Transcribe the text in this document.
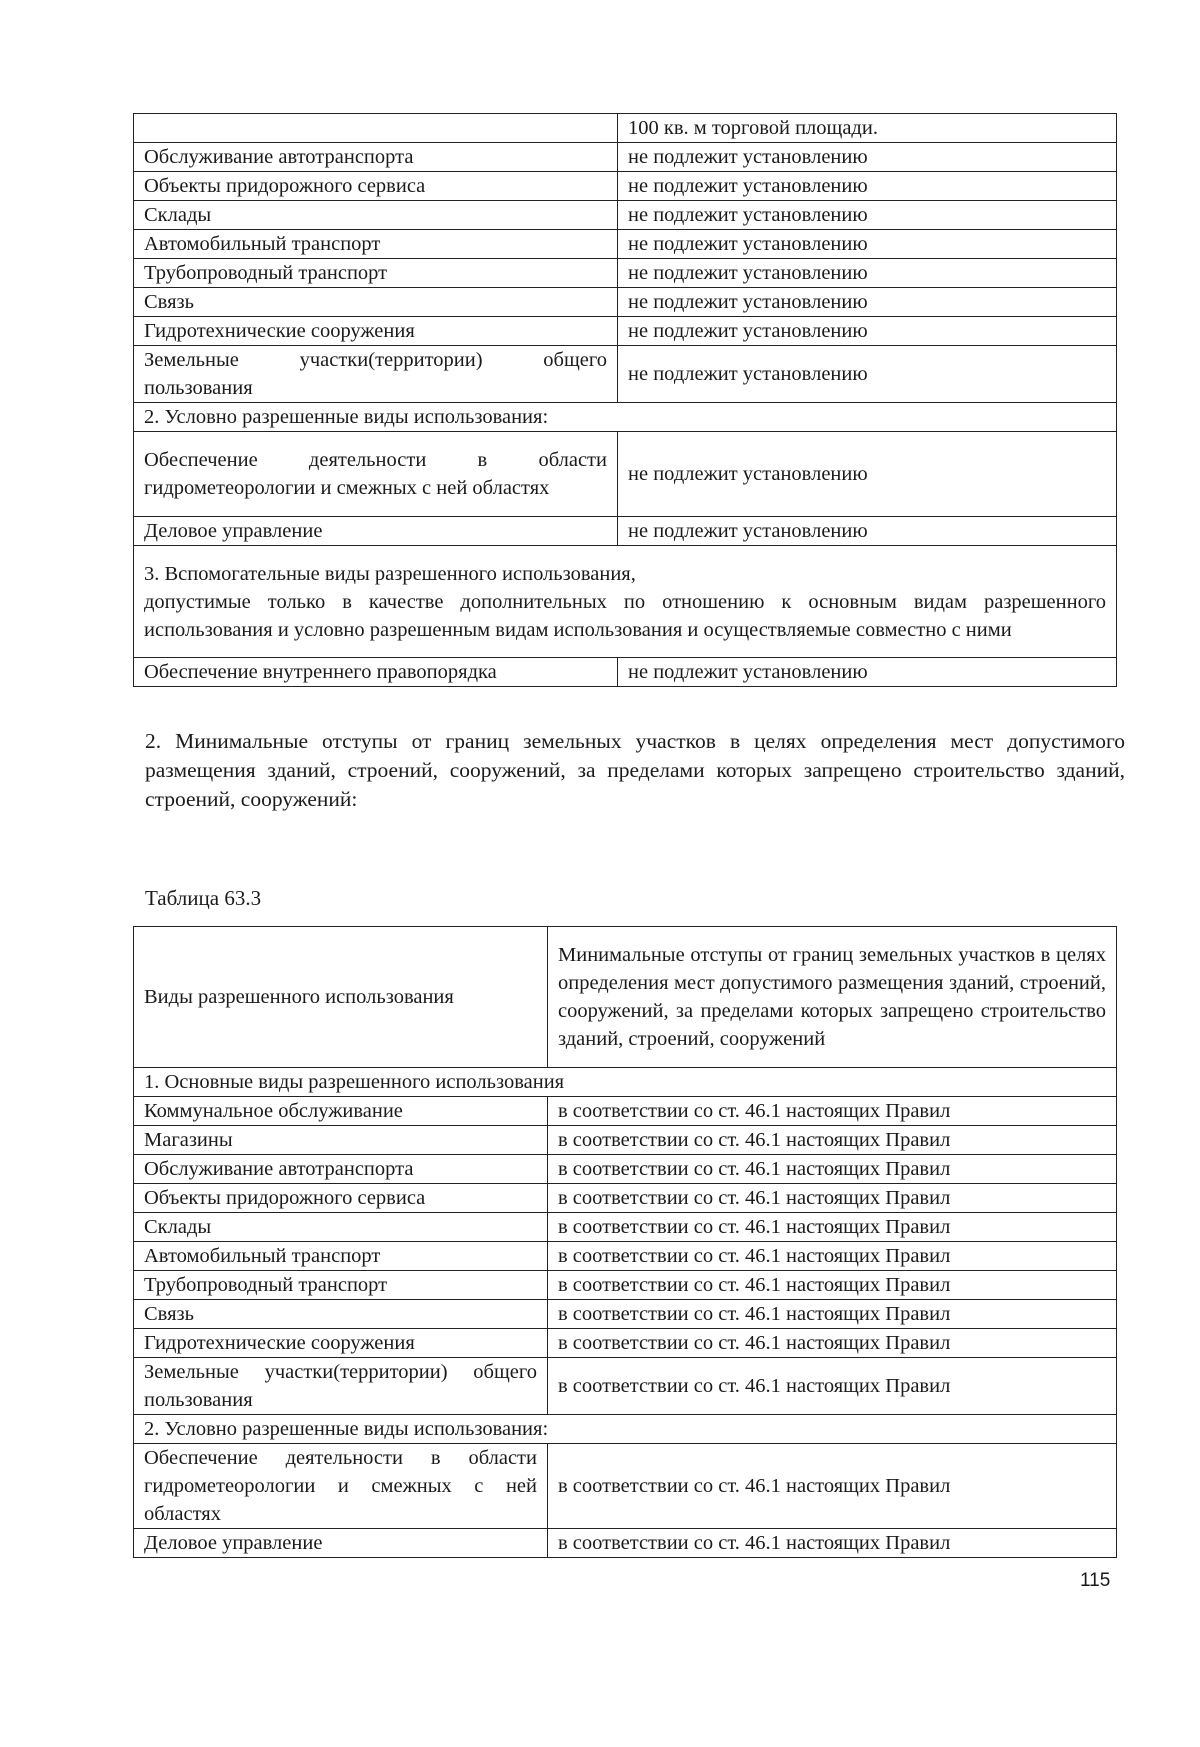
	100 кв. м торговой площади.
Обслуживание автотранспорта	не подлежит установлению
Объекты придорожного сервиса	не подлежит установлению
Склады	не подлежит установлению
Автомобильный транспорт	не подлежит установлению
Трубопроводный транспорт	не подлежит установлению
Связь	не подлежит установлению
Гидротехнические сооружения	не подлежит установлению
Земельные участки(территории) общего пользования	не подлежит установлению
2. Условно разрешенные виды использования:	
Обеспечение деятельности в области гидрометеорологии и смежных с ней областях	не подлежит установлению
Деловое управление	не подлежит установлению

3. Вспомогательные виды разрешенного использования,
допустимые только в качестве дополнительных по отношению к основным видам разрешенного использования и условно разрешенным видам использования и осуществляемые совместно с ними	

Обеспечение внутреннего правопорядка	не подлежит установлению

2. Минимальные отступы от границ земельных участков в целях определения мест допустимого размещения зданий, строений, сооружений, за пределами которых запрещено строительство зданий, строений, сооружений:

Таблица 63.3
Виды разрешенного использования	Минимальные отступы от границ земельных участков в целях определения мест допустимого размещения зданий, строений, сооружений, за пределами которых запрещено строительство зданий, строений, сооружений
1. Основные виды разрешенного использования	
Коммунальное обслуживание	в соответствии со ст. 46.1 настоящих Правил
Магазины	в соответствии со ст. 46.1 настоящих Правил
Обслуживание автотранспорта	в соответствии со ст. 46.1 настоящих Правил
Объекты придорожного сервиса	в соответствии со ст. 46.1 настоящих Правил
Склады	в соответствии со ст. 46.1 настоящих Правил
Автомобильный транспорт	в соответствии со ст. 46.1 настоящих Правил
Трубопроводный транспорт	в соответствии со ст. 46.1 настоящих Правил
Связь	в соответствии со ст. 46.1 настоящих Правил
Гидротехнические сооружения	в соответствии со ст. 46.1 настоящих Правил
Земельные участки(территории) общего пользования	в соответствии со ст. 46.1 настоящих Правил
2. Условно разрешенные виды использования:	
Обеспечение деятельности в области гидрометеорологии и смежных с ней областях	в соответствии со ст. 46.1 настоящих Правил
Деловое управление	в соответствии со ст. 46.1 настоящих Правил
115
